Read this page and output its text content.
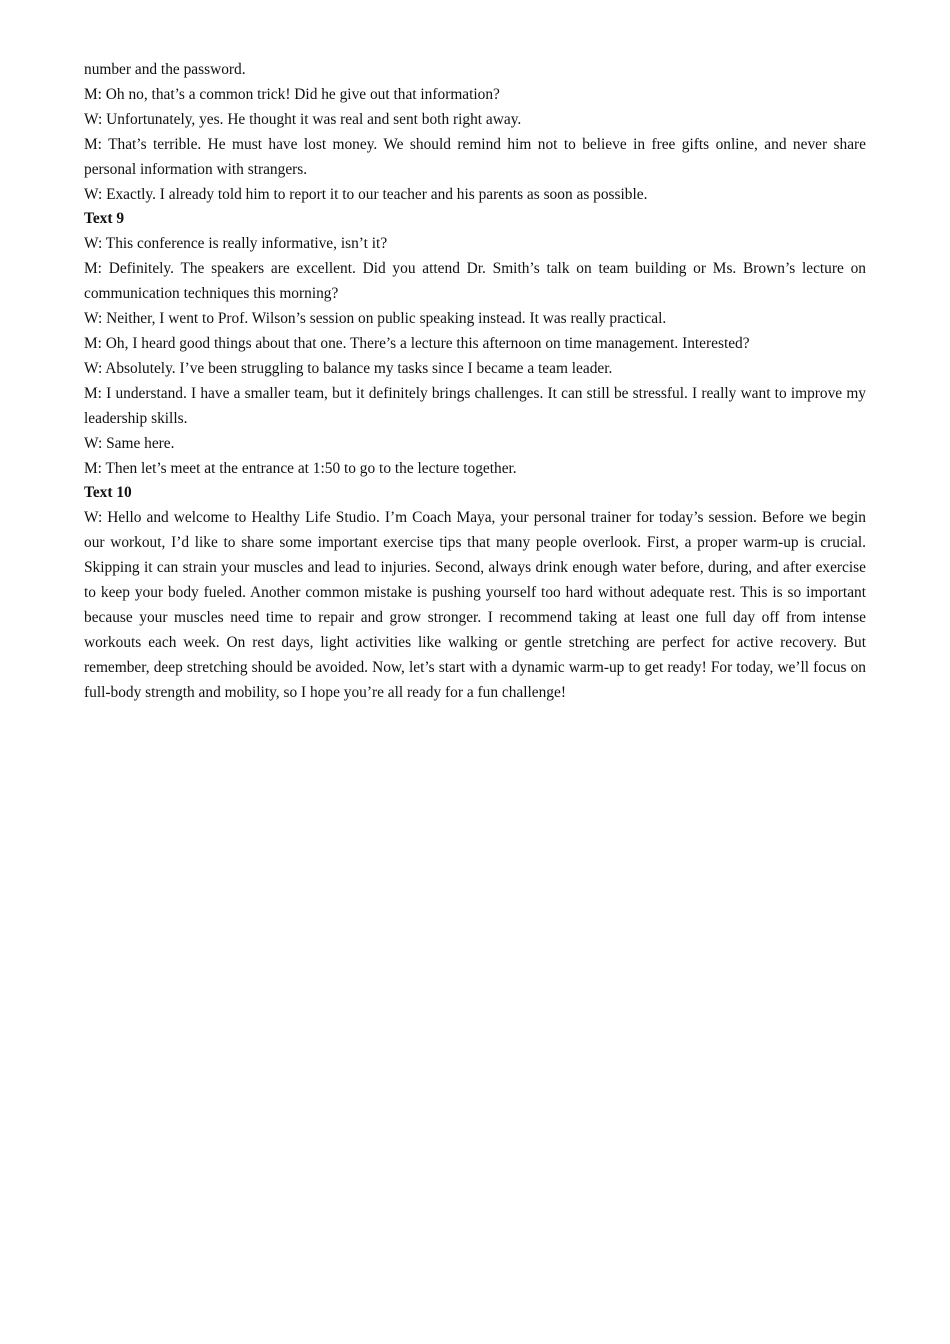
number and the password.

M: Oh no, that’s a common trick! Did he give out that information?

W: Unfortunately, yes. He thought it was real and sent both right away.

M: That’s terrible. He must have lost money. We should remind him not to believe in free gifts online, and never share personal information with strangers.

W: Exactly. I already told him to report it to our teacher and his parents as soon as possible.

Text 9

W: This conference is really informative, isn’t it?

M: Definitely. The speakers are excellent. Did you attend Dr. Smith’s talk on team building or Ms. Brown’s lecture on communication techniques this morning?

W: Neither, I went to Prof. Wilson’s session on public speaking instead. It was really practical.

M: Oh, I heard good things about that one. There’s a lecture this afternoon on time management. Interested?

W: Absolutely. I’ve been struggling to balance my tasks since I became a team leader.

M: I understand. I have a smaller team, but it definitely brings challenges. It can still be stressful. I really want to improve my leadership skills.

W: Same here.

M: Then let’s meet at the entrance at 1:50 to go to the lecture together.

Text 10

W: Hello and welcome to Healthy Life Studio. I’m Coach Maya, your personal trainer for today’s session. Before we begin our workout, I’d like to share some important exercise tips that many people overlook. First, a proper warm-up is crucial. Skipping it can strain your muscles and lead to injuries. Second, always drink enough water before, during, and after exercise to keep your body fueled. Another common mistake is pushing yourself too hard without adequate rest. This is so important because your muscles need time to repair and grow stronger. I recommend taking at least one full day off from intense workouts each week. On rest days, light activities like walking or gentle stretching are perfect for active recovery. But remember, deep stretching should be avoided. Now, let’s start with a dynamic warm-up to get ready! For today, we’ll focus on full-body strength and mobility, so I hope you’re all ready for a fun challenge!
